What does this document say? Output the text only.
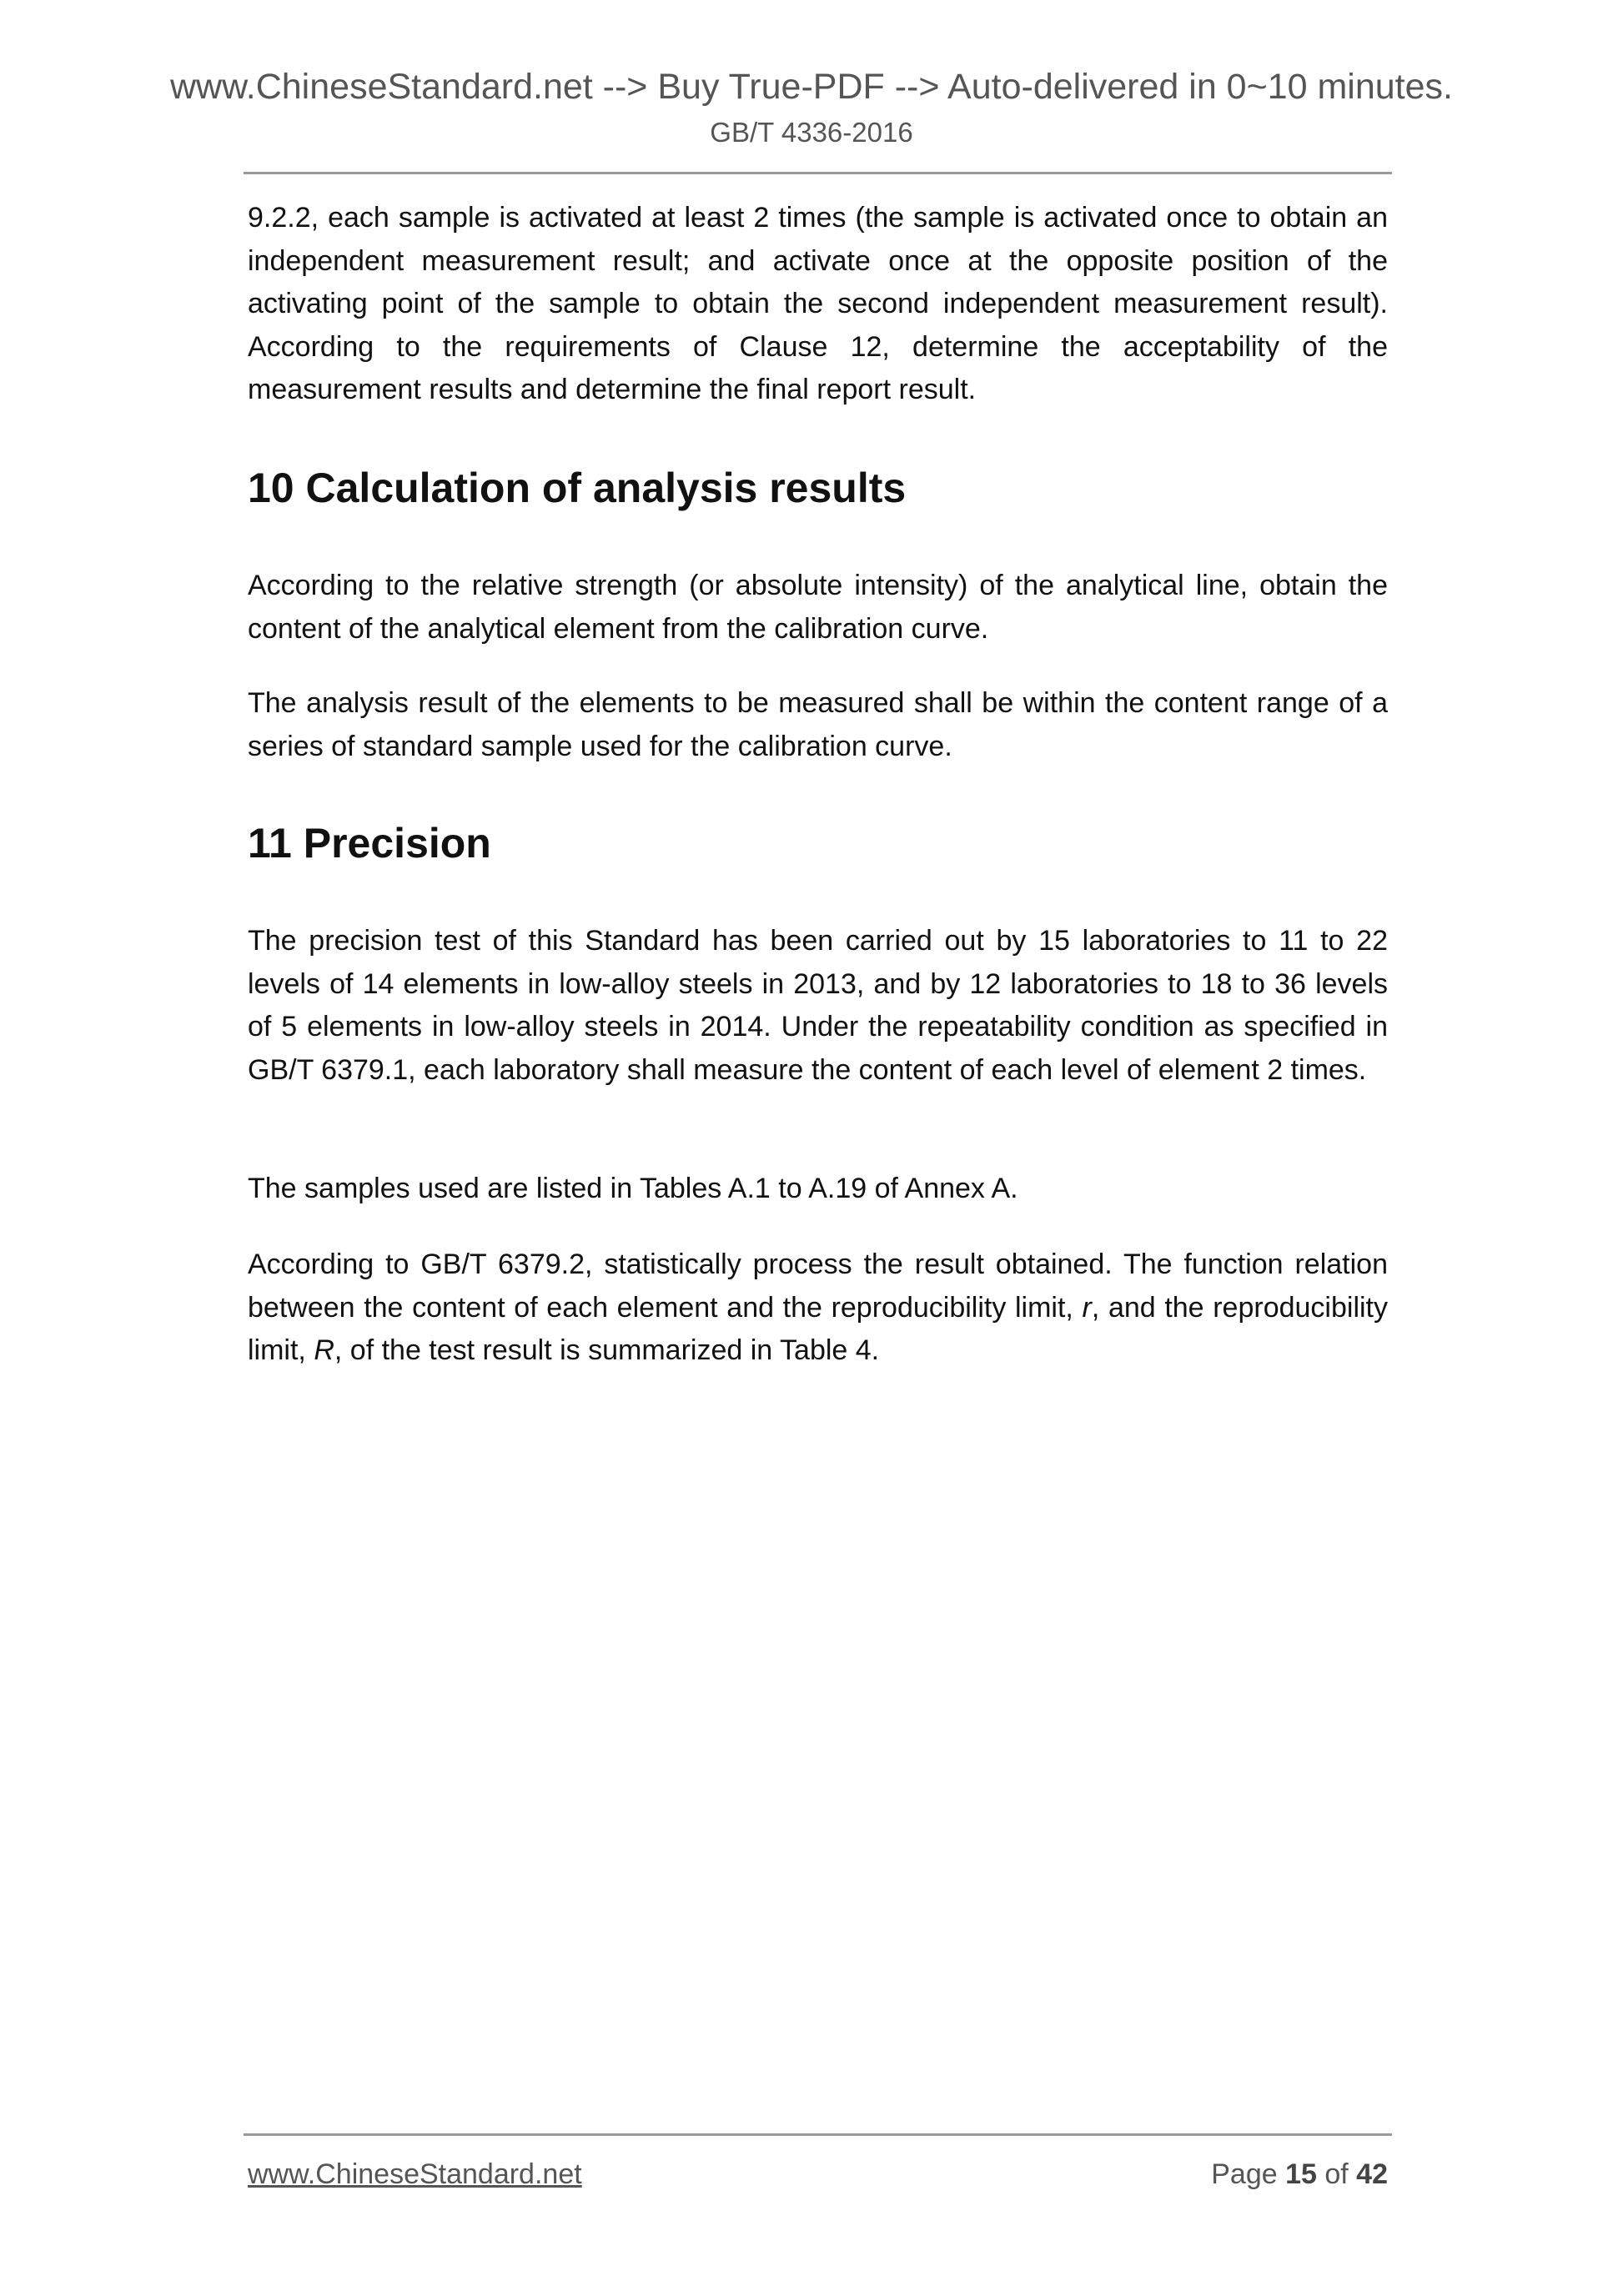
www.ChineseStandard.net --> Buy True-PDF --> Auto-delivered in 0~10 minutes.
GB/T 4336-2016
9.2.2, each sample is activated at least 2 times (the sample is activated once to obtain an independent measurement result; and activate once at the opposite position of the activating point of the sample to obtain the second independent measurement result). According to the requirements of Clause 12, determine the acceptability of the measurement results and determine the final report result.
10 Calculation of analysis results
According to the relative strength (or absolute intensity) of the analytical line, obtain the content of the analytical element from the calibration curve.
The analysis result of the elements to be measured shall be within the content range of a series of standard sample used for the calibration curve.
11 Precision
The precision test of this Standard has been carried out by 15 laboratories to 11 to 22 levels of 14 elements in low-alloy steels in 2013, and by 12 laboratories to 18 to 36 levels of 5 elements in low-alloy steels in 2014. Under the repeatability condition as specified in GB/T 6379.1, each laboratory shall measure the content of each level of element 2 times.
The samples used are listed in Tables A.1 to A.19 of Annex A.
According to GB/T 6379.2, statistically process the result obtained. The function relation between the content of each element and the reproducibility limit, r, and the reproducibility limit, R, of the test result is summarized in Table 4.
www.ChineseStandard.net	Page 15 of 42
